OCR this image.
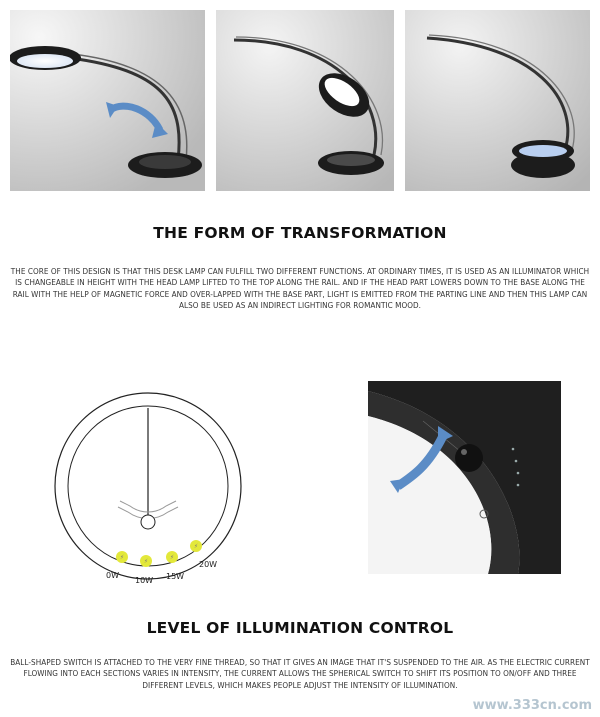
THE FORM OF TRANSFORMATION

THE CORE OF THIS DESIGN IS THAT THIS DESK LAMP CAN FULFILL TWO DIFFERENT FUNCTIONS. AT ORDINARY TIMES, IT IS USED AS AN ILLUMINATOR WHICH IS CHANGEABLE IN HEIGHT WITH THE HEAD LAMP LIFTED TO THE TOP ALONG THE RAIL. AND IF THE HEAD PART LOWERS DOWN TO THE BASE ALONG THE RAIL WITH THE HELP OF MAGNETIC FORCE AND OVER-LAPPED WITH THE BASE PART, LIGHT IS EMITTED FROM THE PARTING LINE AND THEN THIS LAMP CAN ALSO BE USED AS AN INDIRECT LIGHTING FOR ROMANTIC MOOD.

⚡
⚡
⚡
⚡
0W
10W 15W
20W
LEVEL OF ILLUMINATION CONTROL

BALL-SHAPED SWITCH IS ATTACHED TO THE VERY FINE THREAD, SO THAT IT GIVES AN IMAGE THAT IT'S SUSPENDED TO THE AIR. AS THE ELECTRIC CURRENT FLOWING INTO EACH SECTIONS VARIES IN INTENSITY, THE CURRENT ALLOWS THE SPHERICAL SWITCH TO SHIFT ITS POSITION TO ON/OFF AND THREE DIFFERENT LEVELS, WHICH MAKES PEOPLE ADJUST THE INTENSITY OF ILLUMINATION.

www.333cn.com
